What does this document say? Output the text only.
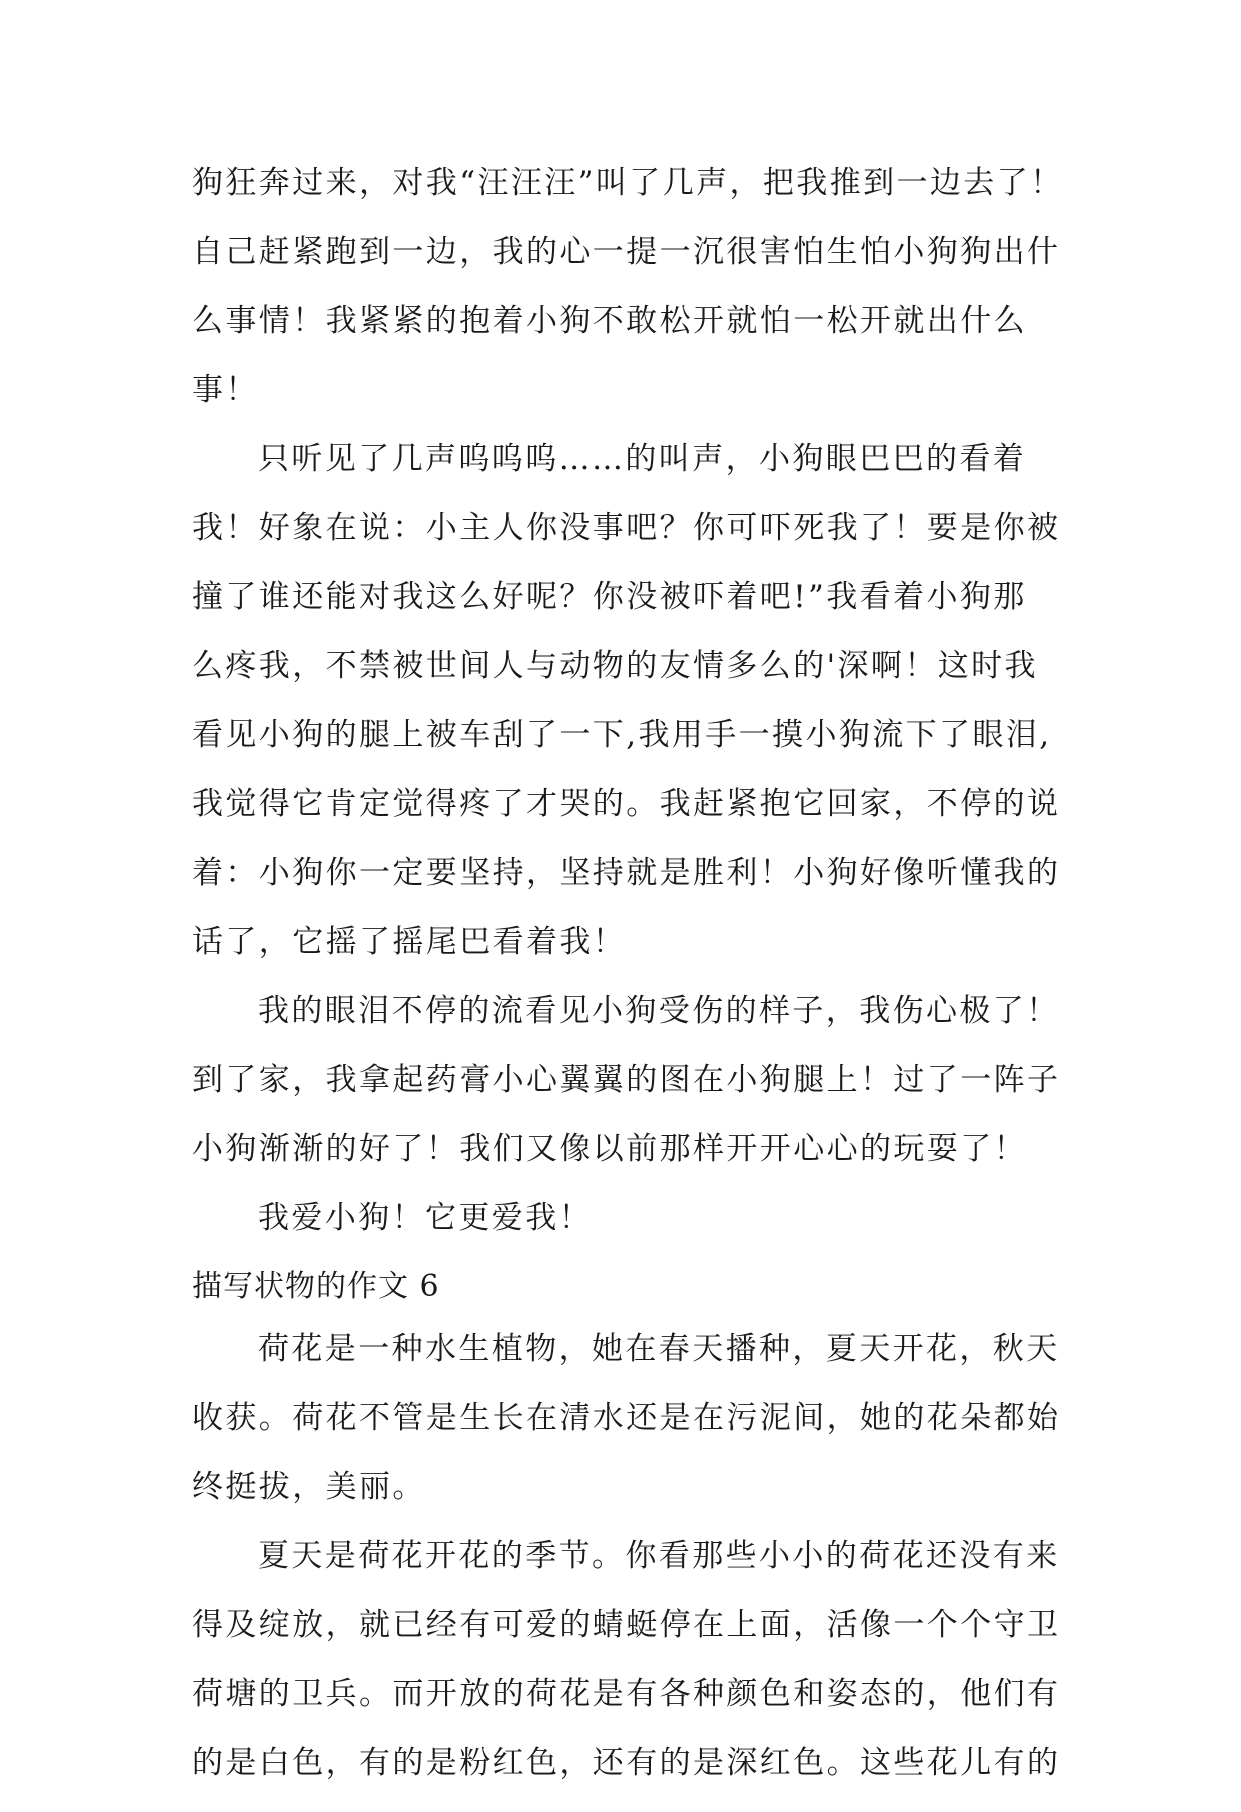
狗狂奔过来，对我“汪汪汪”叫了几声，把我推到一边去了！
自己赶紧跑到一边，我的心一提一沉很害怕生怕小狗狗出什
么事情！我紧紧的抱着小狗不敢松开就怕一松开就出什么
事！
只听见了几声呜呜呜……的叫声，小狗眼巴巴的看着
我！好象在说：小主人你没事吧？你可吓死我了！要是你被
撞了谁还能对我这么好呢？你没被吓着吧!”我看着小狗那
么疼我，不禁被世间人与动物的友情多么的'深啊！这时我
看见小狗的腿上被车刮了一下,我用手一摸小狗流下了眼泪,
我觉得它肯定觉得疼了才哭的。我赶紧抱它回家，不停的说
着：小狗你一定要坚持，坚持就是胜利！小狗好像听懂我的
话了，它摇了摇尾巴看着我！
我的眼泪不停的流看见小狗受伤的样子，我伤心极了！
到了家，我拿起药膏小心翼翼的图在小狗腿上！过了一阵子
小狗渐渐的好了！我们又像以前那样开开心心的玩耍了！
我爱小狗！它更爱我！
描写状物的作文 6
荷花是一种水生植物，她在春天播种，夏天开花，秋天
收获。荷花不管是生长在清水还是在污泥间，她的花朵都始
终挺拔，美丽。
夏天是荷花开花的季节。你看那些小小的荷花还没有来
得及绽放，就已经有可爱的蜻蜓停在上面，活像一个个守卫
荷塘的卫兵。而开放的荷花是有各种颜色和姿态的，他们有
的是白色，有的是粉红色，还有的是深红色。这些花儿有的
